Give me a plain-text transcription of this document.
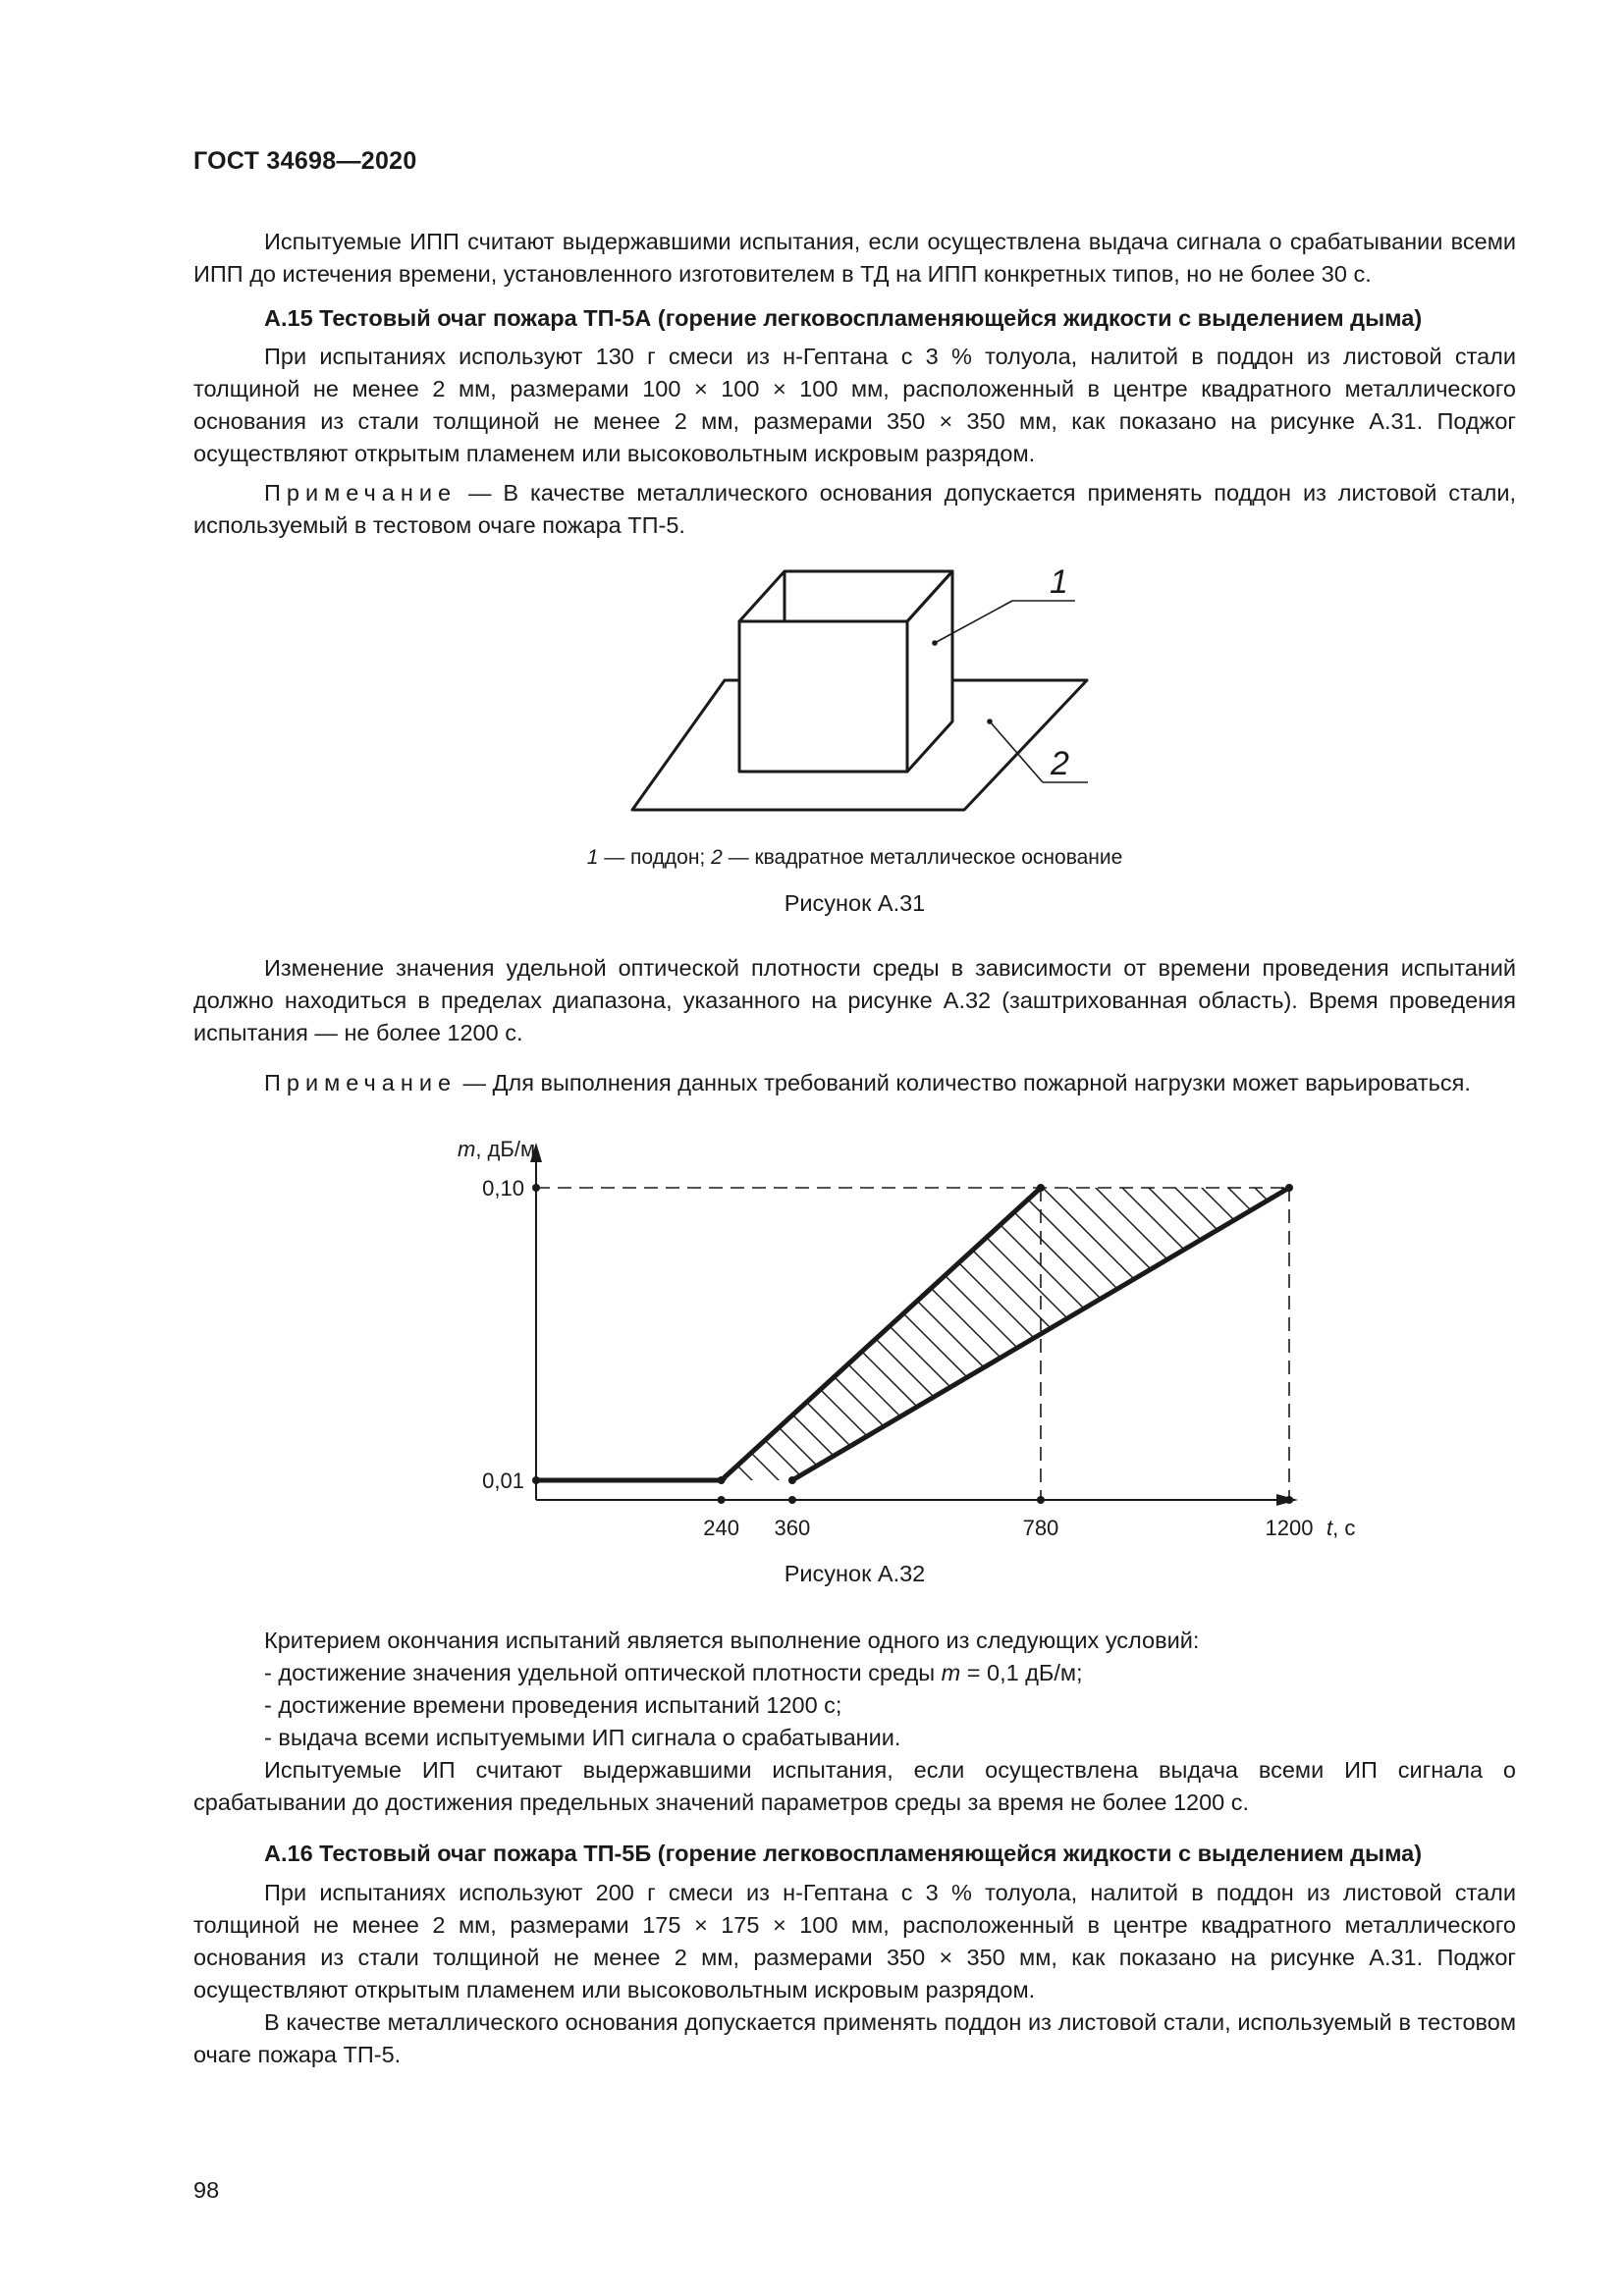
ГОСТ 34698—2020

Испытуемые ИПП считают выдержавшими испытания, если осуществлена выдача сигнала о срабатывании всеми ИПП до истечения времени, установленного изготовителем в ТД на ИПП конкретных типов, но не более 30 с.

А.15 Тестовый очаг пожара ТП-5А (горение легковоспламеняющейся жидкости с выделением дыма)

При испытаниях используют 130 г смеси из н-Гептана с 3 % толуола, налитой в поддон из листовой стали толщиной не менее 2 мм, размерами 100 × 100 × 100 мм, расположенный в центре квадратного металлического основания из стали толщиной не менее 2 мм, размерами 350 × 350 мм, как показано на рисунке А.31. Поджог осуществляют открытым пламенем или высоковольтным искровым разрядом.

Примечание — В качестве металлического основания допускается применять поддон из листовой стали, используемый в тестовом очаге пожара ТП-5.

1
2
1 — поддон; 2 — квадратное металлическое основание
Рисунок А.31

Изменение значения удельной оптической плотности среды в зависимости от времени проведения испытаний должно находиться в пределах диапазона, указанного на рисунке А.32 (заштрихованная область). Время проведения испытания — не более 1200 с.

Примечание — Для выполнения данных требований количество пожарной нагрузки может варьироваться.

0,10
0,01
240 360	780	1200
m, дБ/м
t, с
Рисунок А.32

Критерием окончания испытаний является выполнение одного из следующих условий:

- достижение значения удельной оптической плотности среды m = 0,1 дБ/м;

- достижение времени проведения испытаний 1200 с;

- выдача всеми испытуемыми ИП сигнала о срабатывании.

Испытуемые ИП считают выдержавшими испытания, если осуществлена выдача всеми ИП сигнала о срабатывании до достижения предельных значений параметров среды за время не более 1200 с.

А.16 Тестовый очаг пожара ТП-5Б (горение легковоспламеняющейся жидкости с выделением дыма)

При испытаниях используют 200 г смеси из н-Гептана с 3 % толуола, налитой в поддон из листовой стали толщиной не менее 2 мм, размерами 175 × 175 × 100 мм, расположенный в центре квадратного металлического основания из стали толщиной не менее 2 мм, размерами 350 × 350 мм, как показано на рисунке А.31. Поджог осуществляют открытым пламенем или высоковольтным искровым разрядом.

В качестве металлического основания допускается применять поддон из листовой стали, используемый в тестовом очаге пожара ТП-5.

98
